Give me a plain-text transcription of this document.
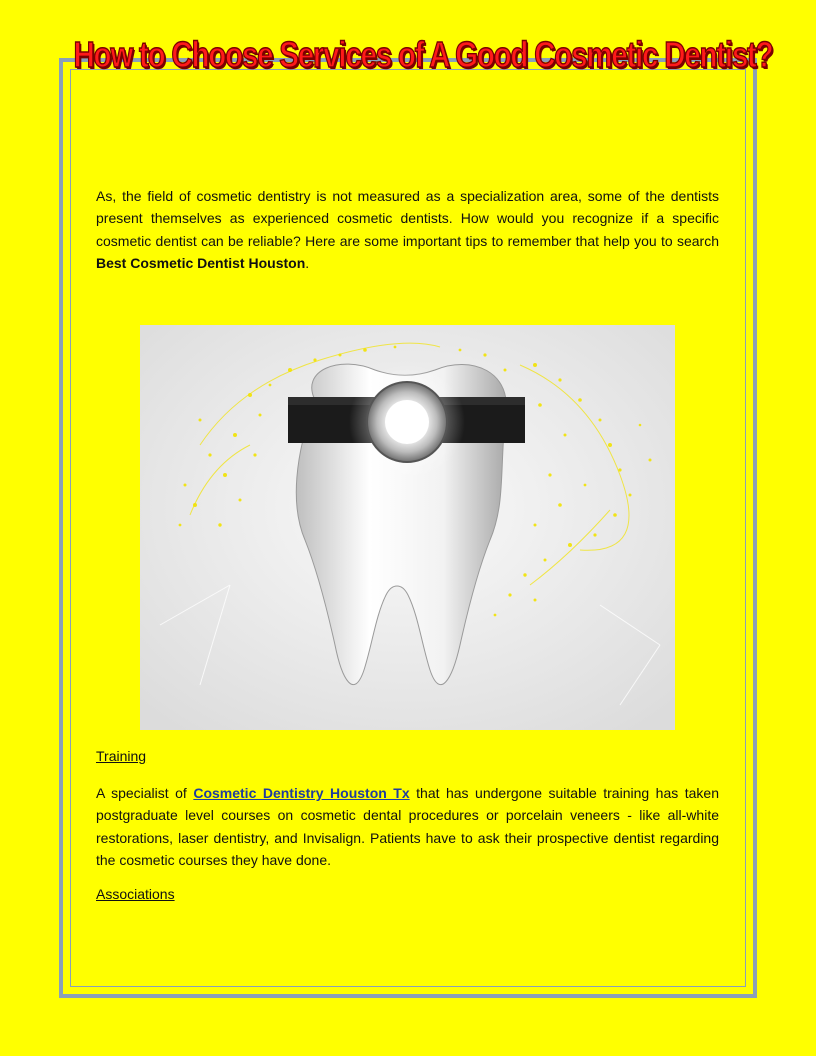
How to Choose Services of A Good Cosmetic Dentist?

As, the field of cosmetic dentistry is not measured as a specialization area, some of the dentists present themselves as experienced cosmetic dentists. How would you recognize if a specific cosmetic dentist can be reliable? Here are some important tips to remember that help you to search Best Cosmetic Dentist Houston.

Training

A specialist of Cosmetic Dentistry Houston Tx that has undergone suitable training has taken postgraduate level courses on cosmetic dental procedures or porcelain veneers - like all-white restorations, laser dentistry, and Invisalign. Patients have to ask their prospective dentist regarding the cosmetic courses they have done.

Associations
